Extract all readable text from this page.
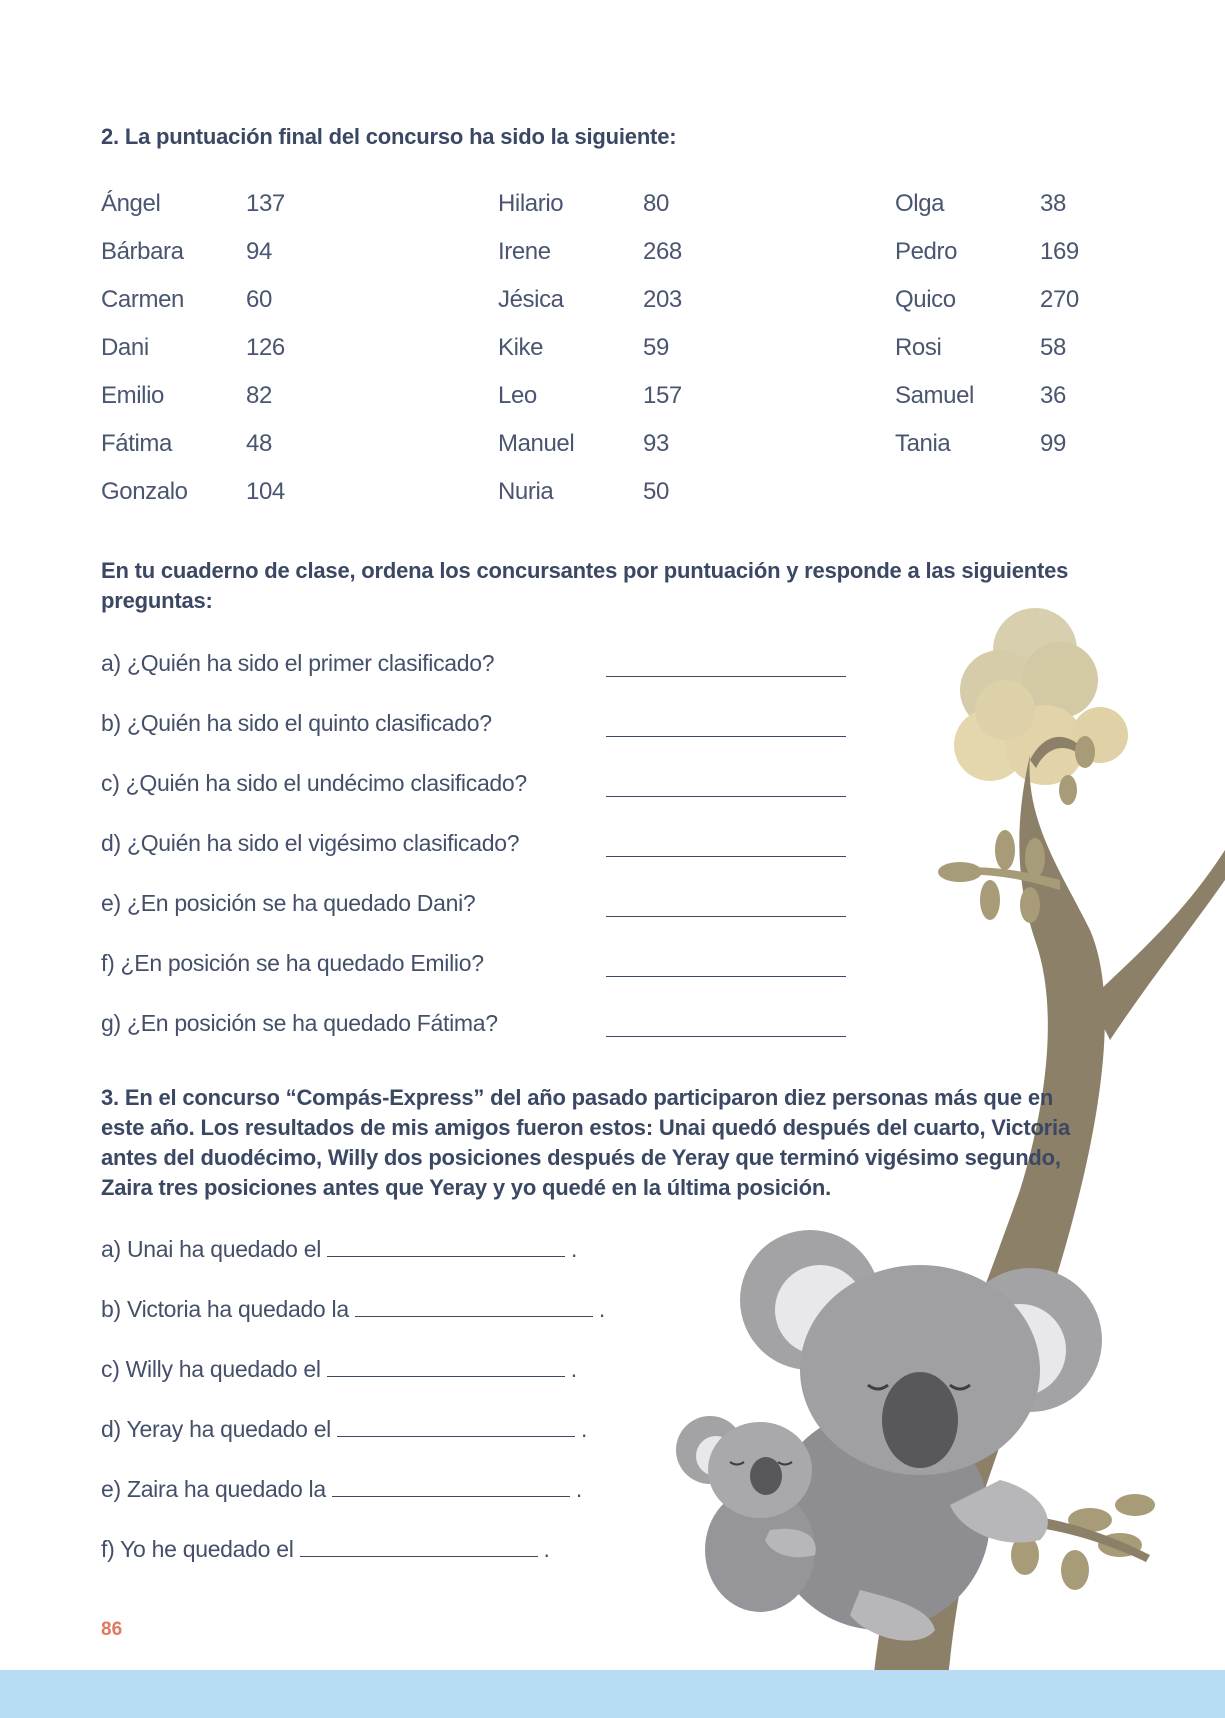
2. La puntuación final del concurso ha sido la siguiente:
Ángel	137
Bárbara	94
Carmen	60
Dani	126
Emilio	82
Fátima	48
Gonzalo 104
Hilario	80
Irene	268
Jésica	203
Kike	59
Leo	157
Manuel	93
Nuria	50
Olga	38
Pedro	169
Quico	270
Rosi	58
Samuel	36
Tania	99
En tu cuaderno de clase, ordena los concursantes por puntuación y responde a las siguientes preguntas:
a) ¿Quién ha sido el primer clasificado?
b) ¿Quién ha sido el quinto clasificado?
c) ¿Quién ha sido el undécimo clasificado?
d) ¿Quién ha sido el vigésimo clasificado?
e) ¿En posición se ha quedado Dani?
f) ¿En posición se ha quedado Emilio?
g) ¿En posición se ha quedado Fátima?
3. En el concurso “Compás-Express” del año pasado participaron diez personas más que en este año. Los resultados de mis amigos fueron estos: Unai quedó después del cuarto, Victoria antes del duodécimo, Willy dos posiciones después de Yeray que terminó vigésimo segundo, Zaira tres posiciones antes que Yeray y yo quedé en la última posición.
a) Unai ha quedado el	.
b) Victoria ha quedado la	.
c) Willy ha quedado el	.
d) Yeray ha quedado el	.
e) Zaira ha quedado la	.
f) Yo he quedado el	.
86
